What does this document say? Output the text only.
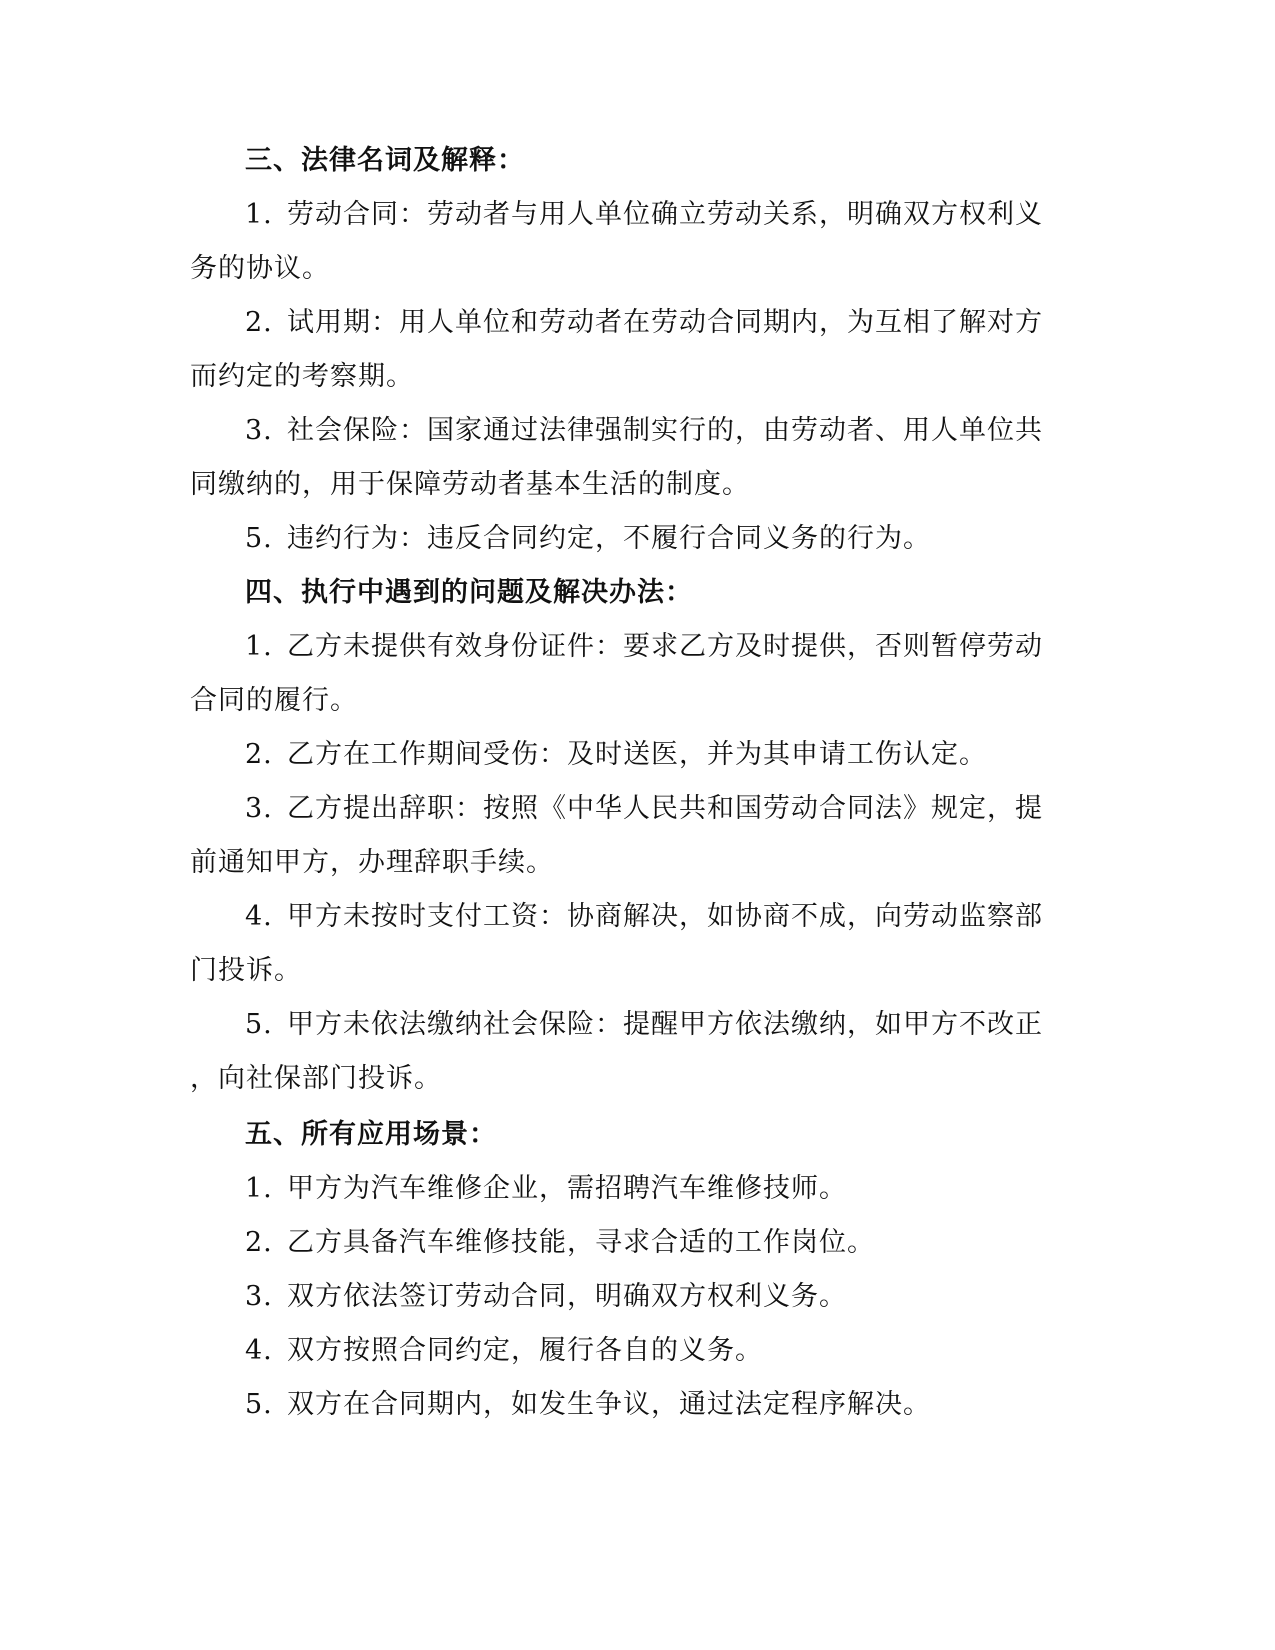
三、法律名词及解释：
1. 劳动合同：劳动者与用人单位确立劳动关系，明确双方权利义
务的协议。
2. 试用期：用人单位和劳动者在劳动合同期内，为互相了解对方
而约定的考察期。
3. 社会保险：国家通过法律强制实行的，由劳动者、用人单位共
同缴纳的，用于保障劳动者基本生活的制度。
5. 违约行为：违反合同约定，不履行合同义务的行为。
四、执行中遇到的问题及解决办法：
1. 乙方未提供有效身份证件：要求乙方及时提供，否则暂停劳动
合同的履行。
2. 乙方在工作期间受伤：及时送医，并为其申请工伤认定。
3. 乙方提出辞职：按照《中华人民共和国劳动合同法》规定，提
前通知甲方，办理辞职手续。
4. 甲方未按时支付工资：协商解决，如协商不成，向劳动监察部
门投诉。
5. 甲方未依法缴纳社会保险：提醒甲方依法缴纳，如甲方不改正
，向社保部门投诉。
五、所有应用场景：
1. 甲方为汽车维修企业，需招聘汽车维修技师。
2. 乙方具备汽车维修技能，寻求合适的工作岗位。
3. 双方依法签订劳动合同，明确双方权利义务。
4. 双方按照合同约定，履行各自的义务。
5. 双方在合同期内，如发生争议，通过法定程序解决。
